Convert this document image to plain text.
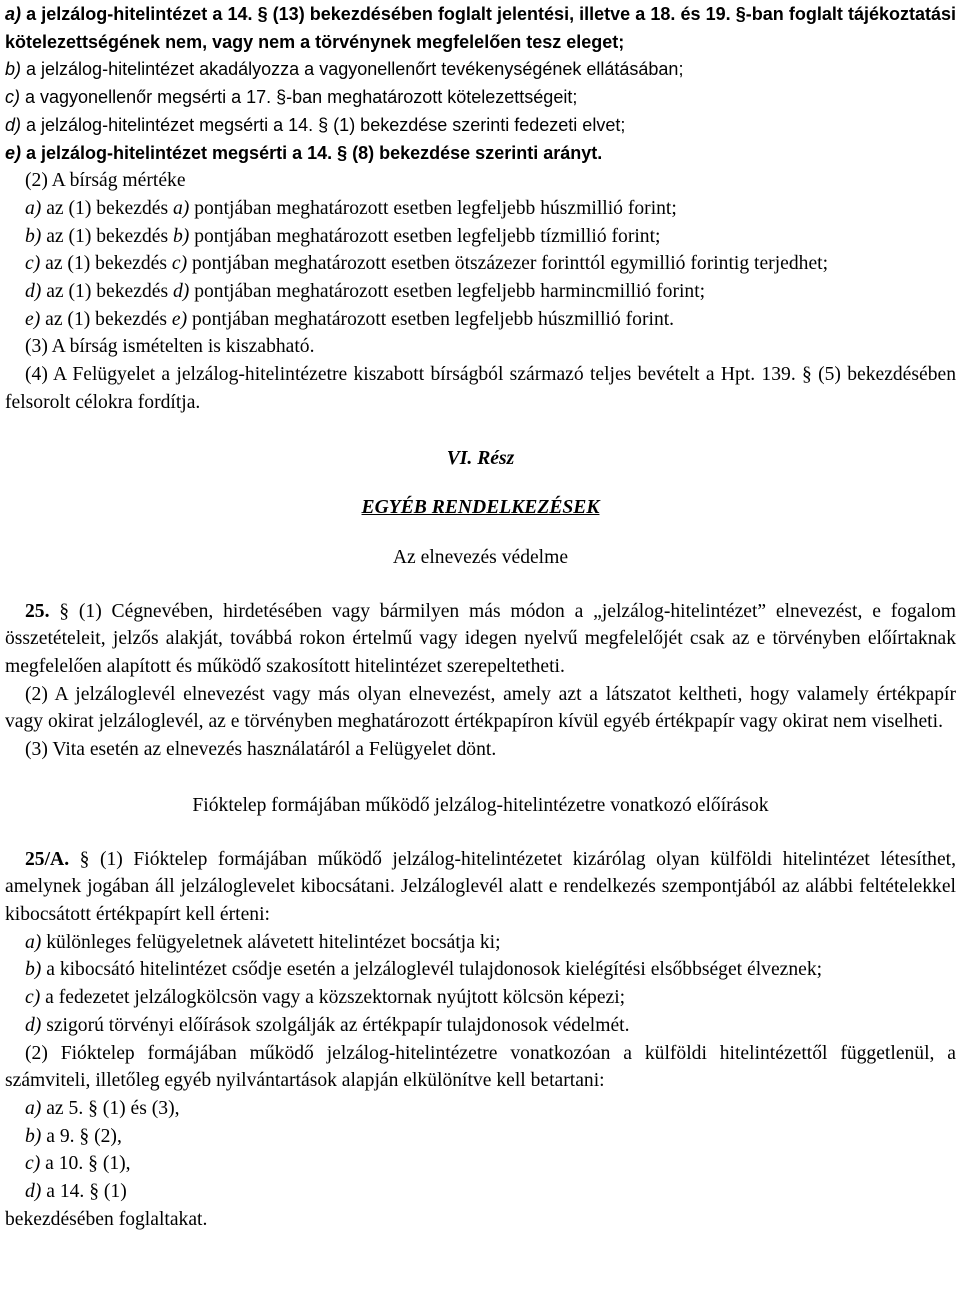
a) a jelzálog-hitelintézet a 14. § (13) bekezdésében foglalt jelentési, illetve a 18. és 19. §-ban foglalt tájékoztatási kötelezettségének nem, vagy nem a törvénynek megfelelően tesz eleget;

b) a jelzálog-hitelintézet akadályozza a vagyonellenőrt tevékenységének ellátásában;

c) a vagyonellenőr megsérti a 17. §-ban meghatározott kötelezettségeit;

d) a jelzálog-hitelintézet megsérti a 14. § (1) bekezdése szerinti fedezeti elvet;

e) a jelzálog-hitelintézet megsérti a 14. § (8) bekezdése szerinti arányt.

(2) A bírság mértéke

a) az (1) bekezdés a) pontjában meghatározott esetben legfeljebb húszmillió forint;

b) az (1) bekezdés b) pontjában meghatározott esetben legfeljebb tízmillió forint;

c) az (1) bekezdés c) pontjában meghatározott esetben ötszázezer forinttól egymillió forintig terjedhet;

d) az (1) bekezdés d) pontjában meghatározott esetben legfeljebb harmincmillió forint;

e) az (1) bekezdés e) pontjában meghatározott esetben legfeljebb húszmillió forint.

(3) A bírság ismételten is kiszabható.

(4) A Felügyelet a jelzálog-hitelintézetre kiszabott bírságból származó teljes bevételt a Hpt. 139. § (5) bekezdésében felsorolt célokra fordítja.

VI. Rész

EGYÉB RENDELKEZÉSEK

Az elnevezés védelme

25. § (1) Cégnevében, hirdetésében vagy bármilyen más módon a „jelzálog-hitelintézet” elnevezést, e fogalom összetételeit, jelzős alakját, továbbá rokon értelmű vagy idegen nyelvű megfelelőjét csak az e törvényben előírtaknak megfelelően alapított és működő szakosított hitelintézet szerepeltetheti.

(2) A jelzáloglevél elnevezést vagy más olyan elnevezést, amely azt a látszatot keltheti, hogy valamely értékpapír vagy okirat jelzáloglevél, az e törvényben meghatározott értékpapíron kívül egyéb értékpapír vagy okirat nem viselheti.

(3) Vita esetén az elnevezés használatáról a Felügyelet dönt.

Fióktelep formájában működő jelzálog-hitelintézetre vonatkozó előírások

25/A. § (1) Fióktelep formájában működő jelzálog-hitelintézetet kizárólag olyan külföldi hitelintézet létesíthet, amelynek jogában áll jelzáloglevelet kibocsátani. Jelzáloglevél alatt e rendelkezés szempontjából az alábbi feltételekkel kibocsátott értékpapírt kell érteni:

a) különleges felügyeletnek alávetett hitelintézet bocsátja ki;

b) a kibocsátó hitelintézet csődje esetén a jelzáloglevél tulajdonosok kielégítési elsőbbséget élveznek;

c) a fedezetet jelzálogkölcsön vagy a közszektornak nyújtott kölcsön képezi;

d) szigorú törvényi előírások szolgálják az értékpapír tulajdonosok védelmét.

(2) Fióktelep formájában működő jelzálog-hitelintézetre vonatkozóan a külföldi hitelintézettől függetlenül, a számviteli, illetőleg egyéb nyilvántartások alapján elkülönítve kell betartani:

a) az 5. § (1) és (3),

b) a 9. § (2),

c) a 10. § (1),

d) a 14. § (1)

bekezdésében foglaltakat.
